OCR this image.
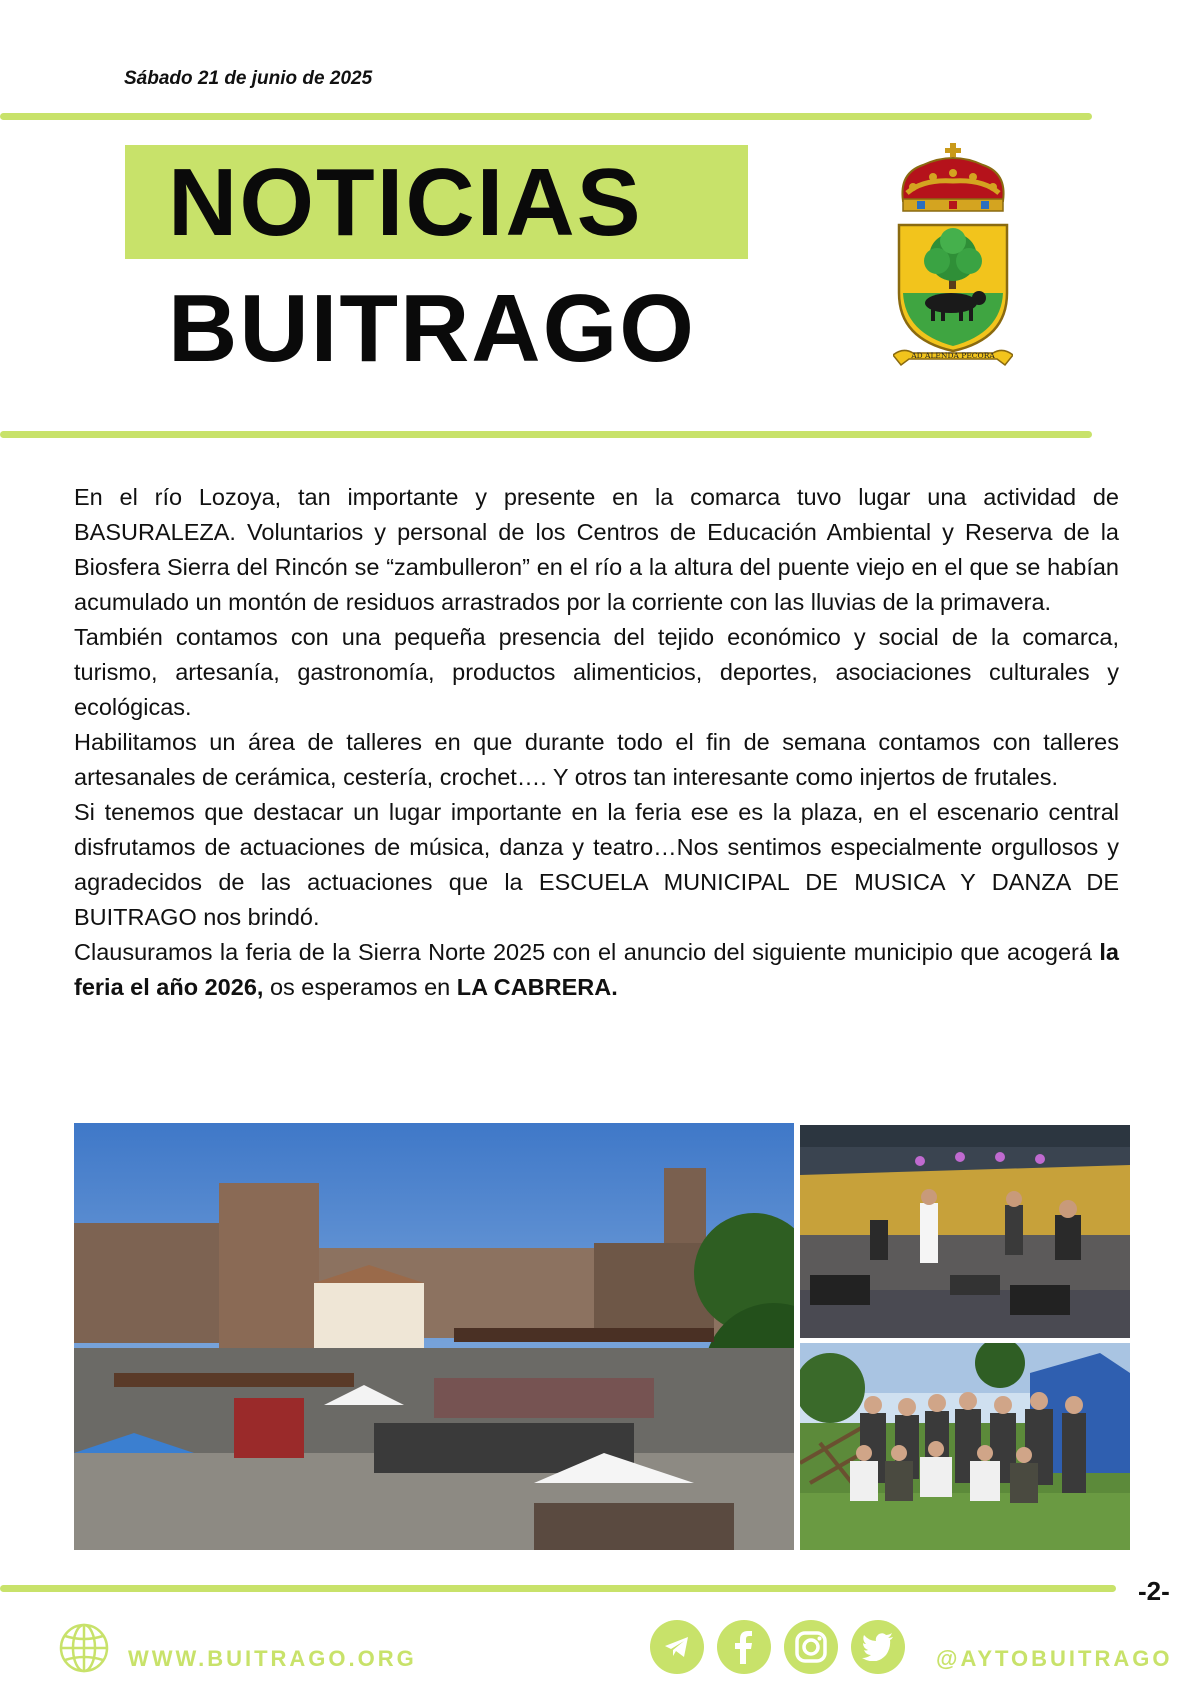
Sábado 21 de junio de 2025
NOTICIAS
BUITRAGO	AD ALENDA PECORA

En el río Lozoya, tan importante y presente en la comarca tuvo lugar una actividad de BASURALEZA. Voluntarios y personal de los Centros de Educación Ambiental y Reserva de la Biosfera Sierra del Rincón se “zambulleron” en el río a la altura del puente viejo en el que se habían acumulado un montón de residuos arrastrados por la corriente con las lluvias de la primavera.

También contamos con una pequeña presencia del tejido económico y social de la comarca, turismo, artesanía, gastronomía, productos alimenticios, deportes, asociaciones culturales y ecológicas.

Habilitamos un área de talleres en que durante todo el fin de semana contamos con talleres artesanales de cerámica, cestería, crochet…. Y otros tan interesante como injertos de frutales.

Si tenemos que destacar un lugar importante en la feria ese es la plaza, en el escenario central disfrutamos de actuaciones de música, danza y teatro…Nos sentimos especialmente orgullosos y agradecidos de las actuaciones que la ESCUELA MUNICIPAL DE MUSICA Y DANZA DE BUITRAGO nos brindó.

Clausuramos la feria de la Sierra Norte 2025 con el anuncio del siguiente municipio que acogerá la feria el año 2026, os esperamos en LA CABRERA.

-2-
WWW.BUITRAGO.ORG	@AYTOBUITRAGO
